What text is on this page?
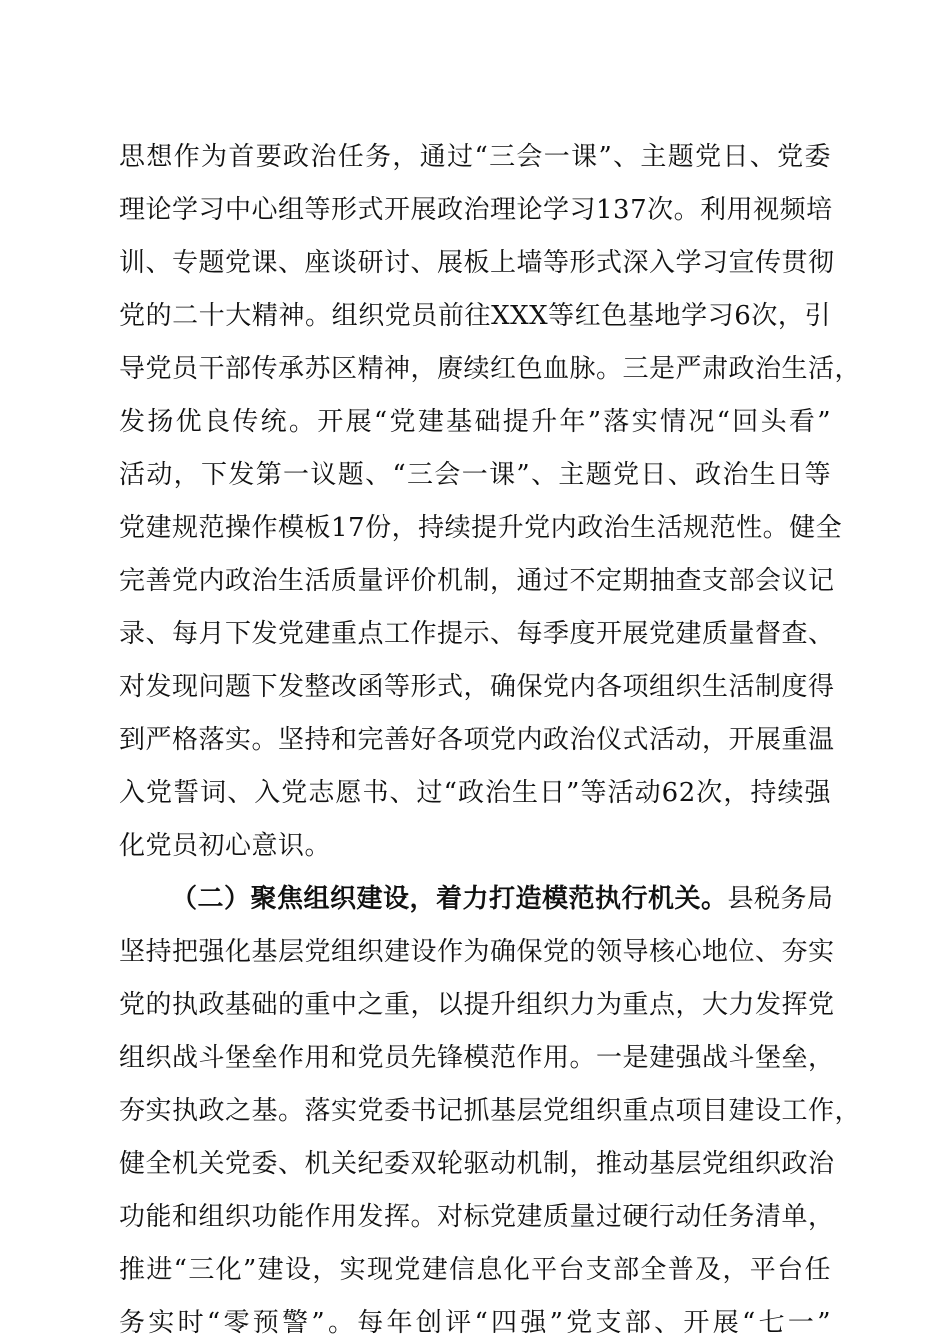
思想作为首要政治任务，通过“三会一课”、主题党日、党委
理论学习中心组等形式开展政治理论学习137次。利用视频培
训、专题党课、座谈研讨、展板上墙等形式深入学习宣传贯彻
党的二十大精神。组织党员前往XXX等红色基地学习6次，引
导党员干部传承苏区精神，赓续红色血脉。三是严肃政治生活，
发扬优良传统。开展“党建基础提升年”落实情况“回头看”
活动，下发第一议题、“三会一课”、主题党日、政治生日等
党建规范操作模板17份，持续提升党内政治生活规范性。健全
完善党内政治生活质量评价机制，通过不定期抽查支部会议记
录、每月下发党建重点工作提示、每季度开展党建质量督查、
对发现问题下发整改函等形式，确保党内各项组织生活制度得
到严格落实。坚持和完善好各项党内政治仪式活动，开展重温
入党誓词、入党志愿书、过“政治生日”等活动62次，持续强
化党员初心意识。
（二）聚焦组织建设，着力打造模范执行机关。县税务局
坚持把强化基层党组织建设作为确保党的领导核心地位、夯实
党的执政基础的重中之重，以提升组织力为重点，大力发挥党
组织战斗堡垒作用和党员先锋模范作用。一是建强战斗堡垒，
夯实执政之基。落实党委书记抓基层党组织重点项目建设工作，
健全机关党委、机关纪委双轮驱动机制，推动基层党组织政治
功能和组织功能作用发挥。对标党建质量过硬行动任务清单，
推进“三化”建设，实现党建信息化平台支部全普及，平台任
务实时“零预警”。每年创评“四强”党支部、开展“七一”
